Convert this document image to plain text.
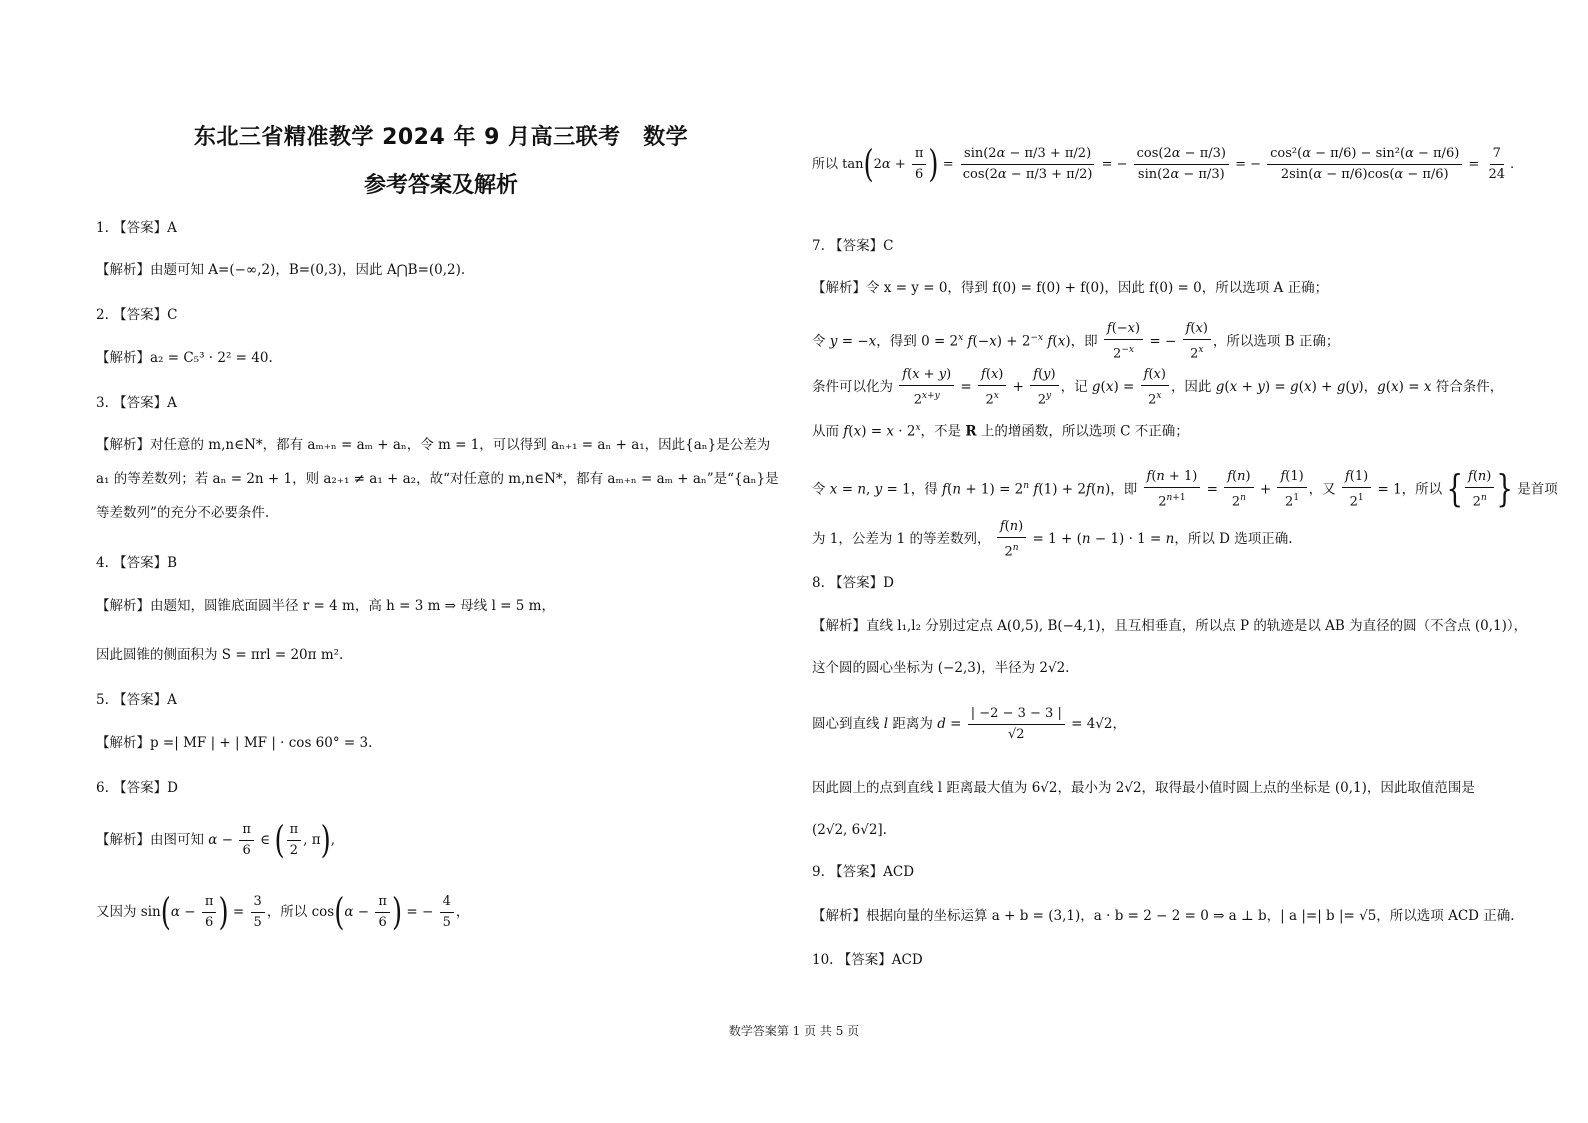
东北三省精准教学 2024 年 9 月高三联考　数学
参考答案及解析
1. 【答案】A
【解析】由题可知 A=(−∞,2)，B=(0,3)，因此 A⋂B=(0,2).
2. 【答案】C
【解析】a₂ = C₅³ · 2² = 40.
3. 【答案】A
【解析】对任意的 m,n∈N*，都有 aₘ₊ₙ = aₘ + aₙ，令 m = 1，可以得到 aₙ₊₁ = aₙ + a₁，因此{aₙ}是公差为 a₁ 的等差数列；若 aₙ = 2n + 1，则 a₂₊₁ ≠ a₁ + a₂，故“对任意的 m,n∈N*，都有 aₘ₊ₙ = aₘ + aₙ”是“{aₙ}是等差数列”的充分不必要条件.
4. 【答案】B
【解析】由题知，圆锥底面圆半径 r = 4 m，高 h = 3 m ⇒ 母线 l = 5 m，
因此圆锥的侧面积为 S = πrl = 20π m².
5. 【答案】A
【解析】p =| MF | + | MF | · cos 60° = 3.
6. 【答案】D
【解析】由图可知 $\alpha - \frac{\pi}{6}$ ∈ ( $\frac{\pi}{2}$ , π),
又因为 $\sin(\alpha - \frac{\pi}{6}$ ) = $\frac{3}{5}$ ，所以 $\cos(\alpha - \frac{\pi}{6}$ ) = − $\frac{4}{5}$ ，
所以 $\tan(2\alpha + \frac{\pi}{6}$ ) = $\frac{\sin(2\alpha - \pi/3 + \pi/2)}{\cos(2\alpha - \pi/3 + \pi/2)}$ = − $\frac{\cos(2\alpha - \pi/3)}{\sin(2\alpha - \pi/3)}$ = − $\frac{\text{cos²(α − π/6) − sin²(α − π/6)}}{2\sin(\alpha - \pi/6)\cos(\alpha - \pi/6)} = \frac{7}{24}$ .
7. 【答案】C
【解析】令 x = y = 0，得到 f(0) = f(0) + f(0)，因此 f(0) = 0，所以选项 A 正确；
令 y = −x，得到 $0 = 2^x$ $f(-x) + 2^{-x}$ f(x)，即 $\frac{f(-x)}{2^{-x}}$ = − $\frac{f(x)}{2^x}$ ，所以选项 B 正确；
条件可以化为 $\frac{f(x + y)}{2^{x+y}} = \frac{f(x)}{2^x} + \frac{f(y)}{2^y}$ ，记 $g(x) = \frac{f(x)}{2^x}$ ，因此 g(x + y) = g(x) + g(y)，g(x) = x 符合条件，
从而 $f(x) = x \cdot 2^x$，不是 R 上的增函数，所以选项 C 不正确；
令 x = n, y = 1，得 $f(n + 1) = 2^n$ f(1) + 2f(n)，即 $\frac{f(n + 1)}{2^{n+1}} = \frac{f(n)}{2^n} + \frac{f(1)}{2^1}$ ，又 $\frac{f(1)}{2^1} = 1$，所以 { $\frac{f(n)}{2^n}$ } 是首项
为 1，公差为 1 的等差数列， $\frac{f(n)}{2^n} = 1 + (n - 1) \cdot 1 = n$，所以 D 选项正确.
8. 【答案】D
【解析】直线 l₁,l₂ 分别过定点 A(0,5), B(−4,1)，且互相垂直，所以点 P 的轨迹是以 AB 为直径的圆（不含点 (0,1)），
这个圆的圆心坐标为 (−2,3)，半径为 2√2.
圆心到直线 l 距离为 $d = \frac{| -2 - 3 - 3 |}{√2} = 4√2$，
因此圆上的点到直线 l 距离最大值为 6√2，最小为 2√2，取得最小值时圆上点的坐标是 (0,1)，因此取值范围是
(2√2, 6√2].
9. 【答案】ACD
【解析】根据向量的坐标运算 a + b = (3,1)，a · b = 2 − 2 = 0 ⇒ a ⊥ b，| a |=| b |= √5，所以选项 ACD 正确.
10. 【答案】ACD
数学答案第 1 页 共 5 页
